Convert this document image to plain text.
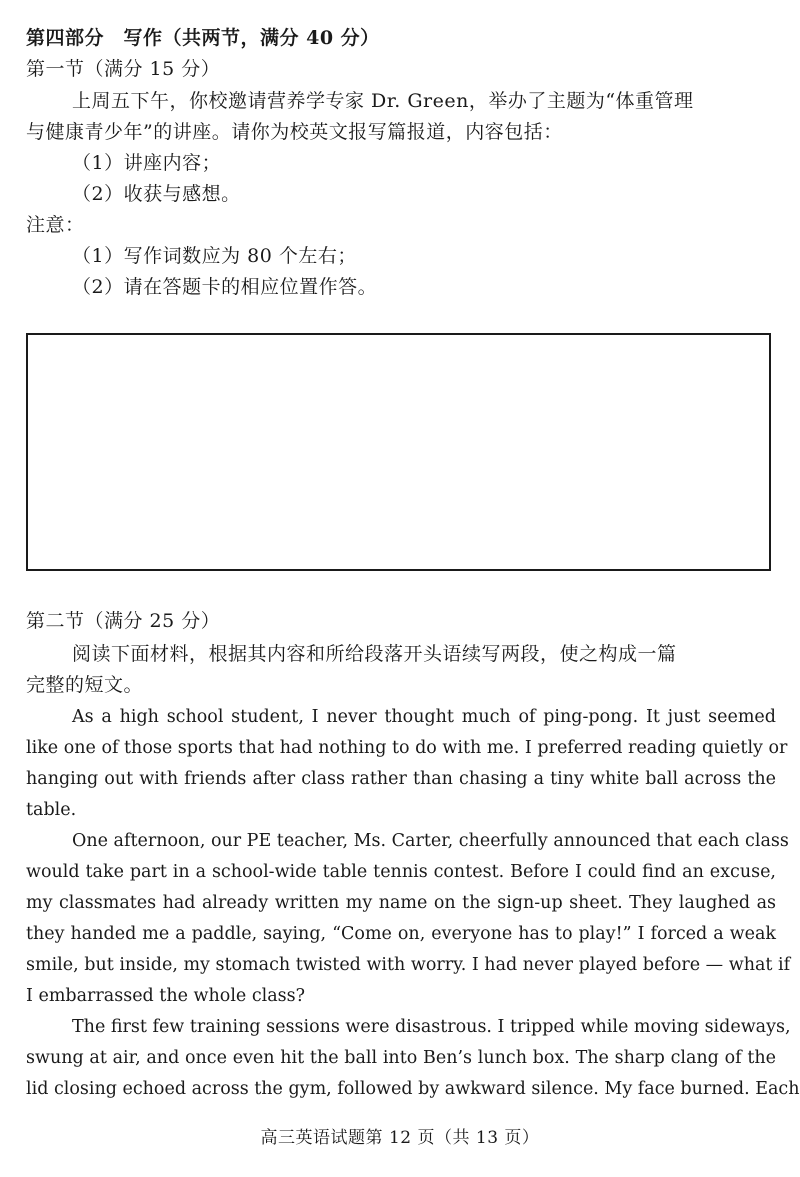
第四部分　写作（共两节，满分 40 分）
第一节（满分 15 分）
上周五下午，你校邀请营养学专家 Dr. Green，举办了主题为“体重管理
与健康青少年”的讲座。请你为校英文报写篇报道，内容包括：
（1）讲座内容；
（2）收获与感想。
注意：
（1）写作词数应为 80 个左右；
（2）请在答题卡的相应位置作答。
第二节（满分 25 分）
阅读下面材料，根据其内容和所给段落开头语续写两段，使之构成一篇
完整的短文。
As a high school student, I never thought much of ping-pong. It just seemed
like one of those sports that had nothing to do with me. I preferred reading quietly or
hanging out with friends after class rather than chasing a tiny white ball across the
table.
One afternoon, our PE teacher, Ms. Carter, cheerfully announced that each class
would take part in a school-wide table tennis contest. Before I could find an excuse,
my classmates had already written my name on the sign-up sheet. They laughed as
they handed me a paddle, saying, “Come on, everyone has to play!” I forced a weak
smile, but inside, my stomach twisted with worry. I had never played before — what if
I embarrassed the whole class?
The first few training sessions were disastrous. I tripped while moving sideways,
swung at air, and once even hit the ball into Ben’s lunch box. The sharp clang of the
lid closing echoed across the gym, followed by awkward silence. My face burned. Each
高三英语试题第 12 页（共 13 页）
